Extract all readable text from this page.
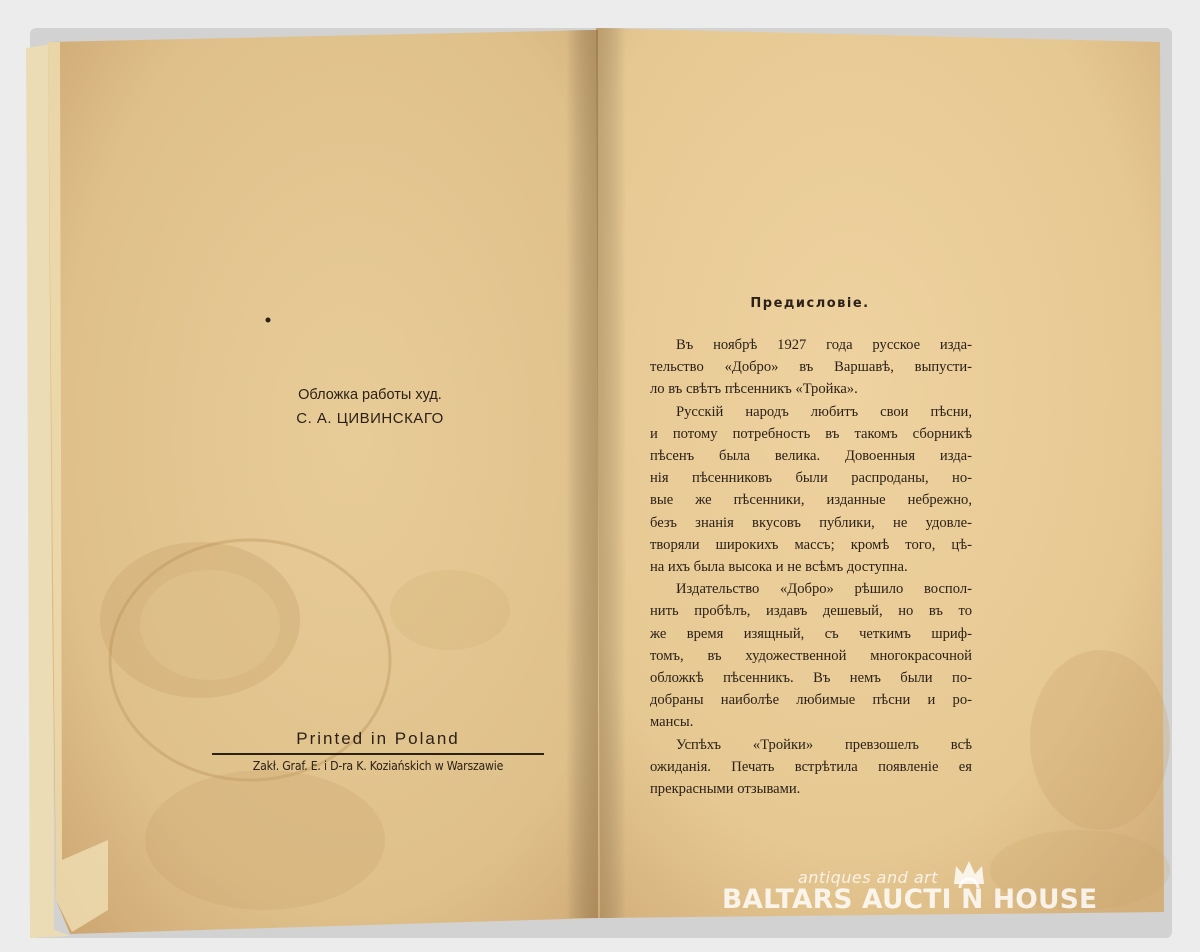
Обложка работы худ.
С. А. ЦИВИНСКАГО
Printed in Poland
Zakł. Graf. E. i D-ra K. Koziańskich w Warszawie
Предисловіе.
Въ ноябрѣ 1927 года русское изда-
тельство «Добро» въ Варшавѣ, выпусти-
ло въ свѣтъ пѣсенникъ «Тройка».
Русскій народъ любитъ свои пѣсни,
и потому потребность въ такомъ сборникѣ
пѣсенъ была велика. Довоенныя изда-
нія пѣсенниковъ были распроданы, но-
вые же пѣсенники, изданные небрежно,
безъ знанія вкусовъ публики, не удовле-
творяли широкихъ массъ; кромѣ того, цѣ-
на ихъ была высока и не всѣмъ доступна.
Издательство «Добро» рѣшило воспол-
нить пробѣлъ, издавъ дешевый, но въ то
же время изящный, съ четкимъ шриф-
томъ, въ художественной многокрасочной
обложкѣ пѣсенникъ. Въ немъ были по-
добраны наиболѣе любимые пѣсни и ро-
мансы.
Успѣхъ «Тройки» превзошелъ всѣ
ожиданія. Печать встрѣтила появленіе ея
прекрасными отзывами.
antiques and art
BALTARS AUCTI N HOUSE
